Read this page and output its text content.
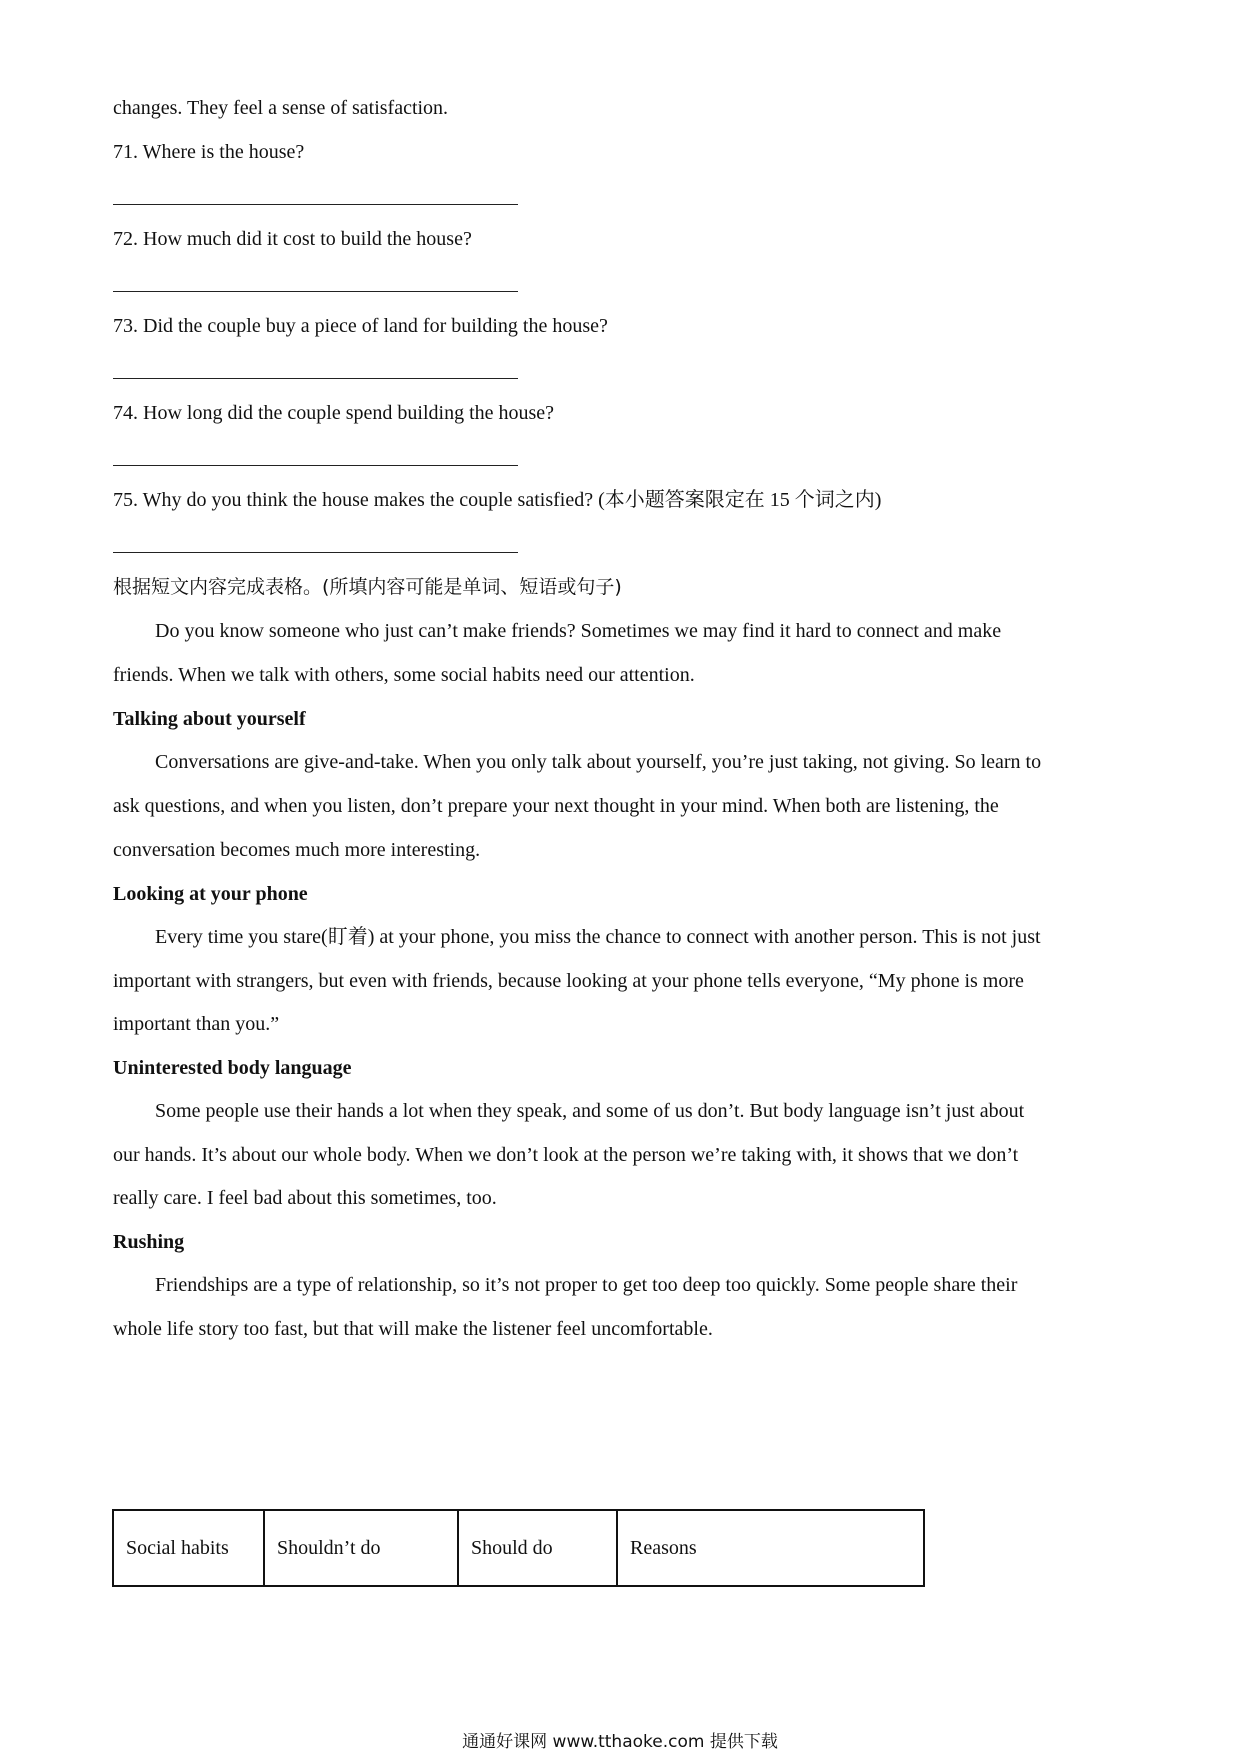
changes. They feel a sense of satisfaction.
71. Where is the house?
72. How much did it cost to build the house?
73. Did the couple buy a piece of land for building the house?
74. How long did the couple spend building the house?
75. Why do you think the house makes the couple satisfied? (本小题答案限定在 15 个词之内)
根据短文内容完成表格。(所填内容可能是单词、短语或句子)
Do you know someone who just can’t make friends? Sometimes we may find it hard to connect and make
friends. When we talk with others, some social habits need our attention.
Talking about yourself
Conversations are give-and-take. When you only talk about yourself, you’re just taking, not giving. So learn to
ask questions, and when you listen, don’t prepare your next thought in your mind. When both are listening, the
conversation becomes much more interesting.
Looking at your phone
Every time you stare(盯着) at your phone, you miss the chance to connect with another person. This is not just
important with strangers, but even with friends, because looking at your phone tells everyone, “My phone is more
important than you.”
Uninterested body language
Some people use their hands a lot when they speak, and some of us don’t. But body language isn’t just about
our hands. It’s about our whole body. When we don’t look at the person we’re taking with, it shows that we don’t
really care. I feel bad about this sometimes, too.
Rushing
Friendships are a type of relationship, so it’s not proper to get too deep too quickly. Some people share their
whole life story too fast, but that will make the listener feel uncomfortable.
Social habits	Shouldn’t do	Should do	Reasons
通通好课网 www.tthaoke.com 提供下载
